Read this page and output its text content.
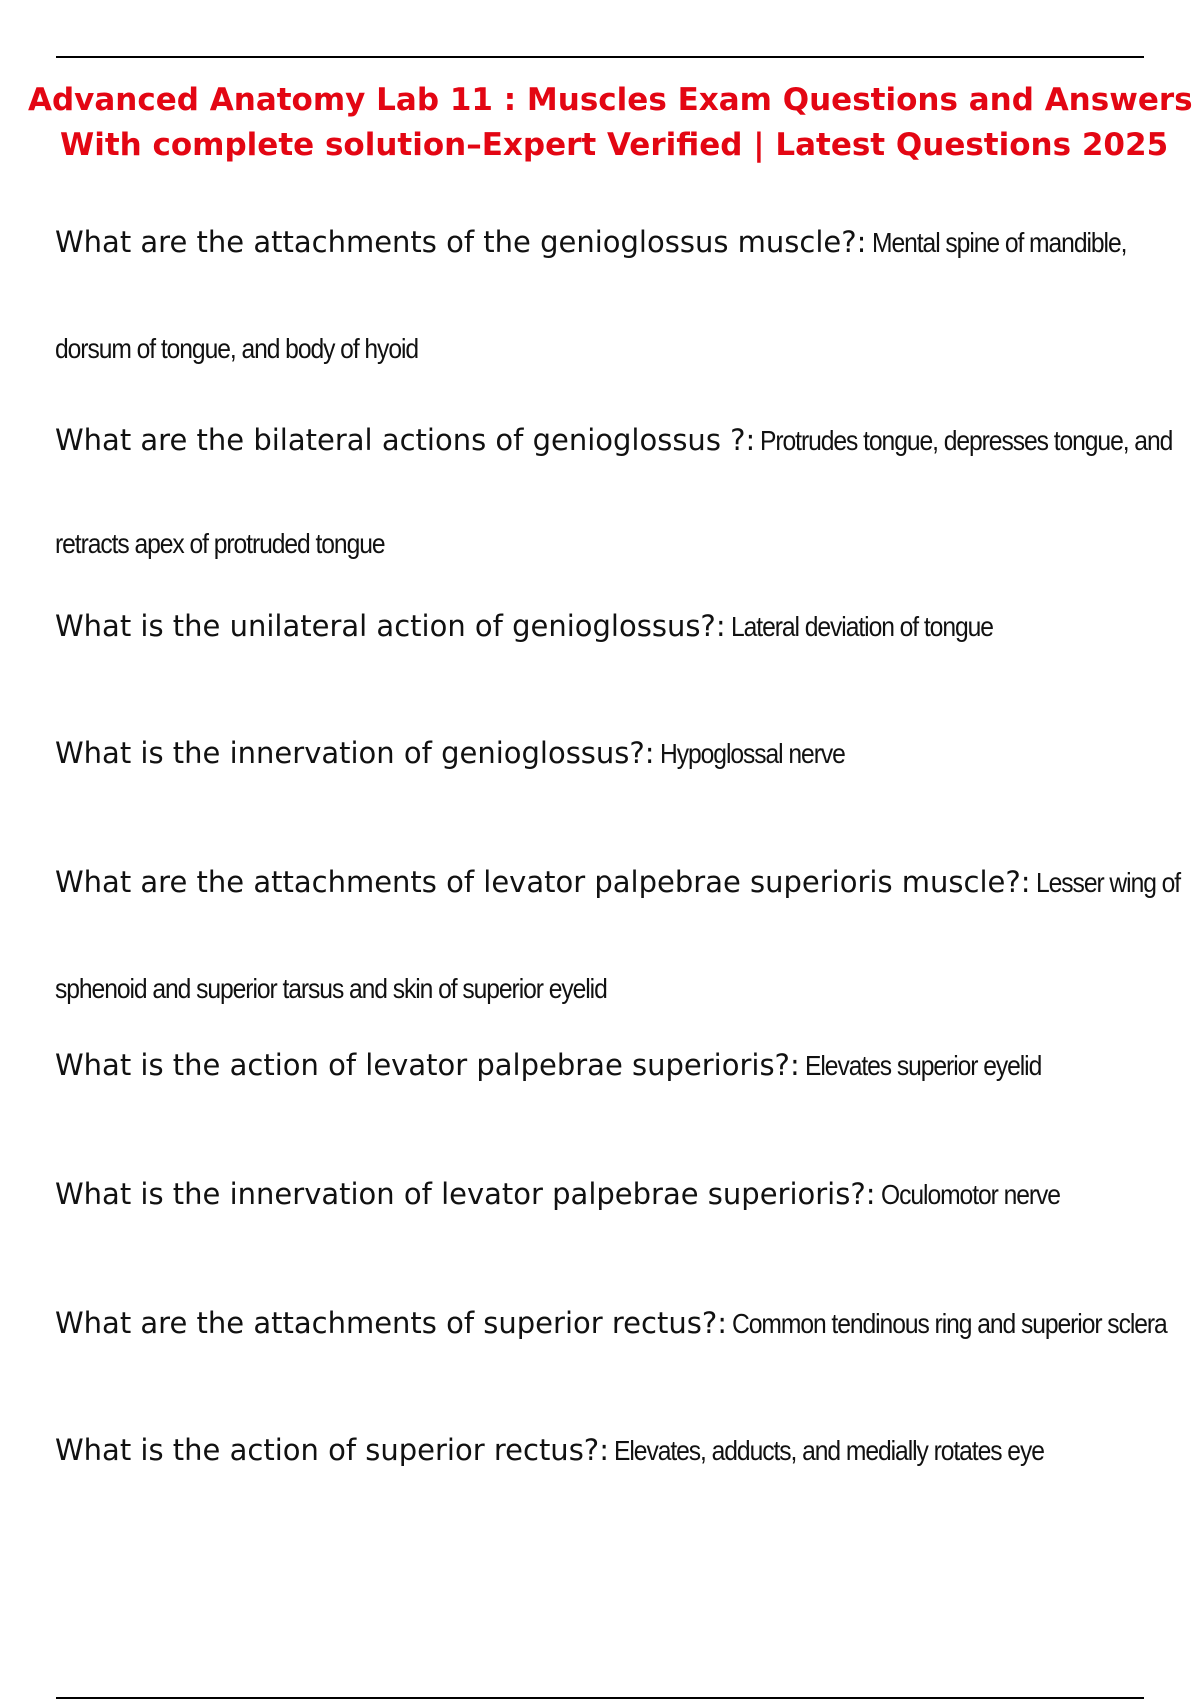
Advanced Anatomy Lab 11 : Muscles Exam Questions and Answers
With complete solution–Expert Verified | Latest Questions 2025
What are the attachments of the genioglossus muscle?: Mental spine of mandible,
dorsum of tongue, and body of hyoid
What are the bilateral actions of genioglossus ?: Protrudes tongue, depresses tongue, and
retracts apex of protruded tongue
What is the unilateral action of genioglossus?: Lateral deviation of tongue
What is the innervation of genioglossus?: Hypoglossal nerve
What are the attachments of levator palpebrae superioris muscle?: Lesser wing of
sphenoid and superior tarsus and skin of superior eyelid
What is the action of levator palpebrae superioris?: Elevates superior eyelid
What is the innervation of levator palpebrae superioris?: Oculomotor nerve
What are the attachments of superior rectus?: Common tendinous ring and superior sclera
What is the action of superior rectus?: Elevates, adducts, and medially rotates eye
